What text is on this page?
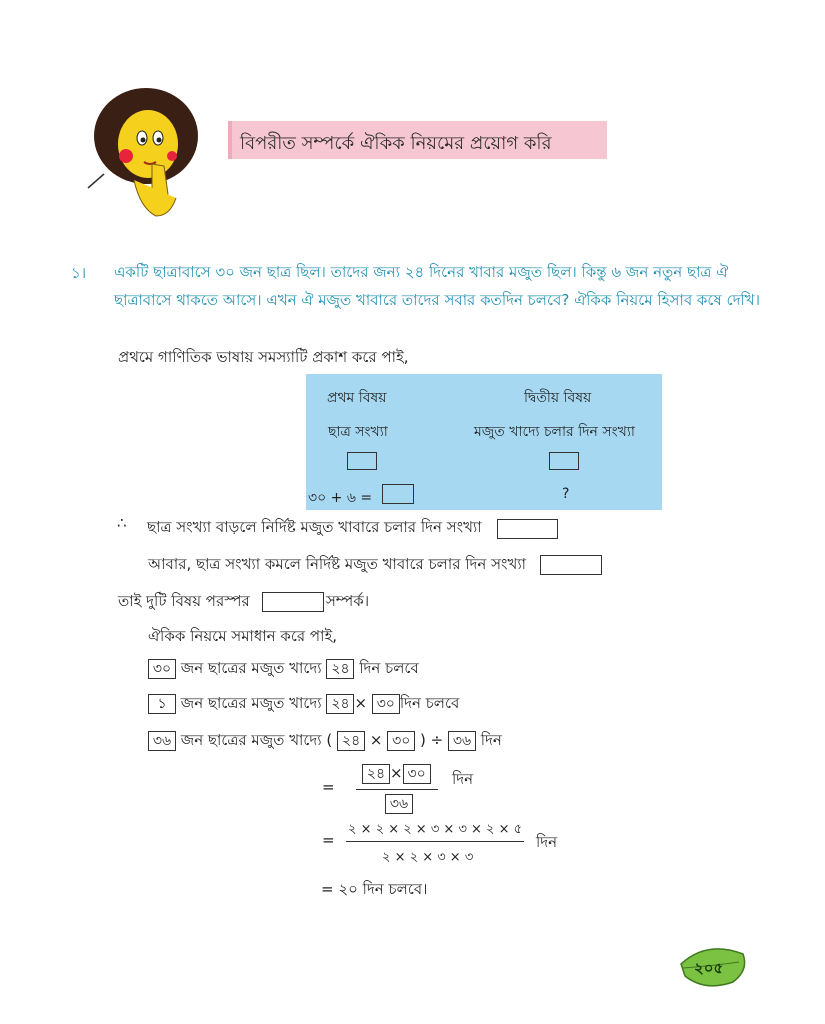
বিপরীত সম্পর্কে ঐকিক নিয়মের প্রয়োগ করি
১। একটি ছাত্রাবাসে ৩০ জন ছাত্র ছিল। তাদের জন্য ২৪ দিনের খাবার মজুত ছিল। কিন্তু ৬ জন নতুন ছাত্র ঐ ছাত্রাবাসে থাকতে আসে। এখন ঐ মজুত খাবারে তাদের সবার কতদিন চলবে? ঐকিক নিয়মে হিসাব কষে দেখি।
প্রথমে গাণিতিক ভাষায় সমস্যাটি প্রকাশ করে পাই,
প্রথম বিষয়	দ্বিতীয় বিষয়
ছাত্র সংখ্যা	মজুত খাদ্যে চলার দিন সংখ্যা
৩০ + ৬ =	?
∴ ছাত্র সংখ্যা বাড়লে নির্দিষ্ট মজুত খাবারে চলার দিন সংখ্যা
আবার, ছাত্র সংখ্যা কমলে নির্দিষ্ট মজুত খাবারে চলার দিন সংখ্যা
তাই দুটি বিষয় পরস্পর	সম্পর্ক।
ঐকিক নিয়মে সমাধান করে পাই,
৩০ জন ছাত্রের মজুত খাদ্যে ২৪ দিন চলবে
১ জন ছাত্রের মজুত খাদ্যে ২৪ × ৩০ দিন চলবে
৩৬ জন ছাত্রের মজুত খাদ্যে ( ২৪ × ৩০ ) ÷ ৩৬ দিন
=
২৪ × ৩০	দিন
৩৬
=
২ × ২ × ২ × ৩ × ৩ × ২ × ৫
দিন
২ × ২ × ৩ × ৩
= ২০ দিন চলবে।
২০৫
